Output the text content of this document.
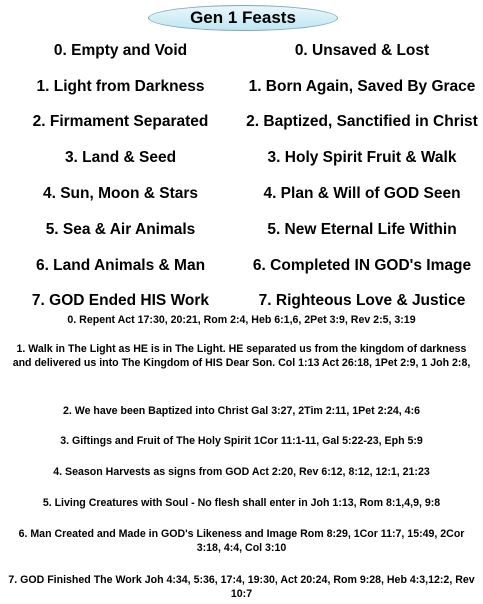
Gen 1 Feasts
0. Empty and Void	0. Unsaved & Lost
1. Light from Darkness	1. Born Again, Saved By Grace
2. Firmament Separated	2. Baptized, Sanctified in Christ
3. Land & Seed	3. Holy Spirit Fruit & Walk
4. Sun, Moon & Stars	4. Plan & Will of GOD Seen
5. Sea & Air Animals	5. New Eternal Life Within
6. Land Animals & Man	6. Completed IN GOD's Image
7. GOD Ended HIS Work	7. Righteous Love & Justice
0. Repent Act 17:30, 20:21, Rom 2:4, Heb 6:1,6, 2Pet 3:9, Rev 2:5, 3:19
1. Walk in The Light as HE is in The Light. HE separated us from the kingdom of darkness and delivered us into The Kingdom of HIS Dear Son. Col 1:13 Act 26:18, 1Pet 2:9, 1 Joh 2:8,
2. We have been Baptized into Christ Gal 3:27, 2Tim 2:11, 1Pet 2:24, 4:6
3. Giftings and Fruit of The Holy Spirit 1Cor 11:1-11, Gal 5:22-23, Eph 5:9
4. Season Harvests as signs from GOD Act 2:20, Rev 6:12, 8:12, 12:1, 21:23
5. Living Creatures with Soul - No flesh shall enter in Joh 1:13, Rom 8:1,4,9, 9:8
6. Man Created and Made in GOD's Likeness and Image Rom 8:29, 1Cor 11:7, 15:49, 2Cor 3:18, 4:4, Col 3:10
7. GOD Finished The Work Joh 4:34, 5:36, 17:4, 19:30, Act 20:24, Rom 9:28, Heb 4:3,12:2, Rev 10:7
